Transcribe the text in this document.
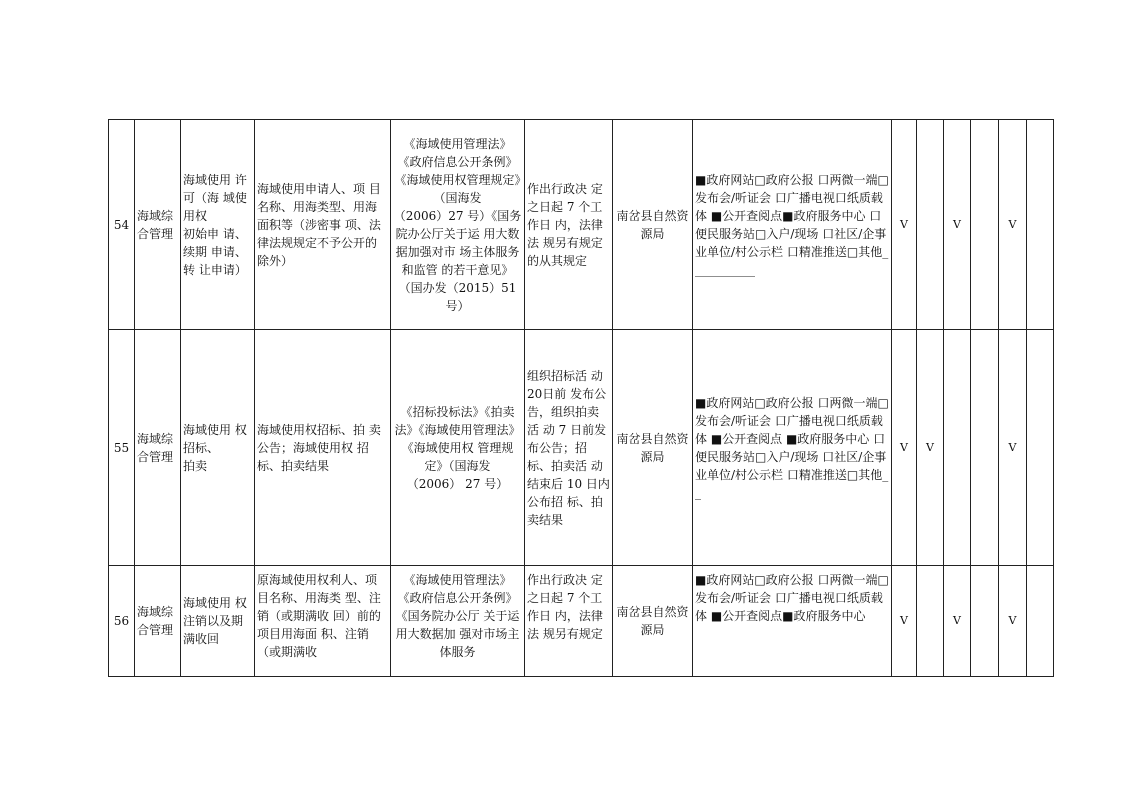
54	海域综合管理	海域使用 许可（海 域使
用权
初始申 请、
续期 申请、
转 让申请）	海域使用申请人、项 目名称、用海类型、用海面积等（涉密事 项、法律法规规定不予公开的除外）	《海域使用管理法》
《政府信息公开条例》《海域使用权管理规定》（国海发
（2006）27 号）《国务院办公厅关于运 用大数据加强对市 场主体服务和监管 的若干意见》（国办发（2015）51 号）	作出行政决 定之日起 7 个工作日 内，法律法 规另有规定的从其规定	南岔县自然资源局	■政府网站□政府公报 口两微一端□发布会/听证会 口广播电视口纸质载体 ■公开查阅点■政府服务中心 口便民服务站□入户/现场 口社区/企事业单位/村公示栏 口精准推送□其他___________	V		V		V	
55	海域综合管理	海域使用 权招标、
拍卖	海域使用权招标、拍 卖公告；海域使用权 招标、拍卖结果	《招标投标法》《拍卖法》《海域使用管理法》《海域使用权 管理规定》（国海发
（2006） 27 号）	组织招标活 动20日前 发布公告，组织拍卖活 动 7 日前发布公告；招 标、拍卖活 动结束后 10 日内公布招 标、拍卖结果	南岔县自然资源局	■政府网站□政府公报 口两微一端□发布会/听证会 口广播电视口纸质载体 ■公开查阅点 ■政府服务中心 口便民服务站□入户/现场 口社区/企事业单位/村公示栏 口精准推送□其他__	V	V			V	
56	海域综合管理	海域使用 权注销以及期满收回	原海域使用权利人、项目名称、用海类 型、注销（或期满收 回）前的项目用海面 积、注销（或期满收	《海域使用管理法》
《政府信息公开条例》《国务院办公厅 关于运用大数据加 强对市场主体服务	作出行政决 定之日起 7 个工作日 内，法律法 规另有规定	南岔县自然资源局	■政府网站□政府公报 口两微一端□发布会/听证会 口广播电视口纸质载体 ■公开查阅点■政府服务中心	V		V		V	
